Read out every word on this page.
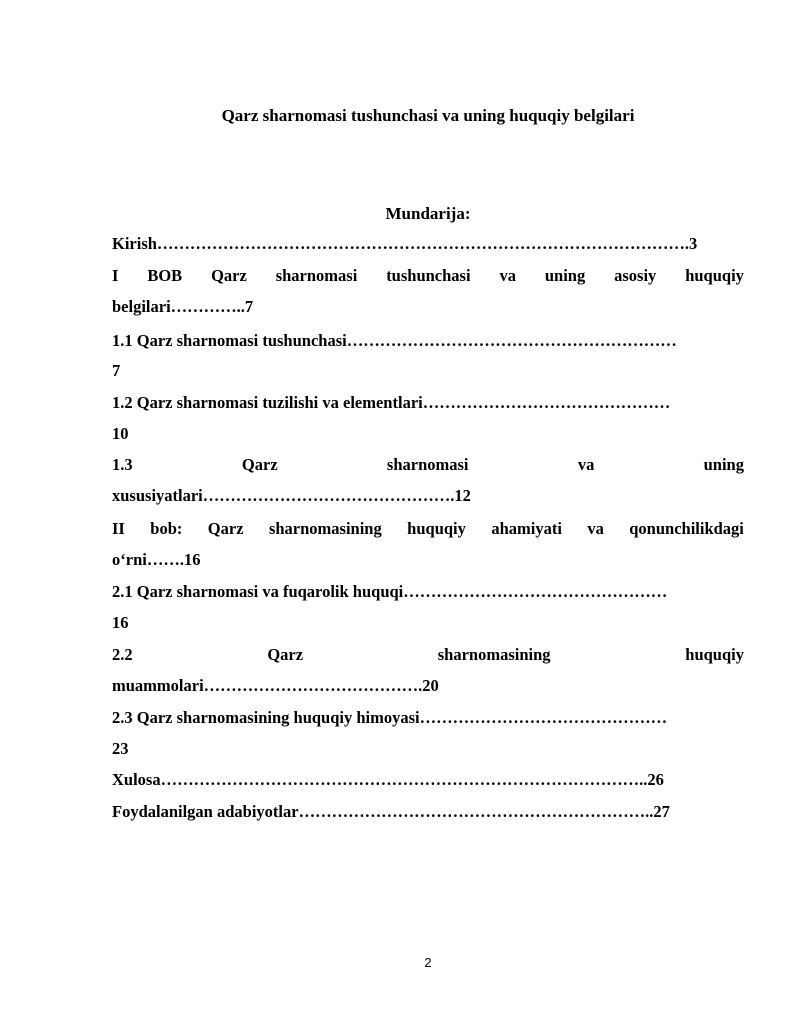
Qarz sharnomasi tushunchasi va uning huquqiy belgilari
Mundarija:
Kirish…………………………………………………………………………………….3
I BOB Qarz sharnomasi tushunchasi va uning asosiy huquqiy
belgilari…………..7
1.1 Qarz sharnomasi tushunchasi……………………………………………………
7
1.2 Qarz sharnomasi tuzilishi va elementlari………………………………………
10
1.3	Qarz	sharnomasi	va	uning
xususiyatlari……………………………………….12
II bob: Qarz sharnomasining huquqiy ahamiyati va qonunchilikdagi
o‘rni…….16
2.1 Qarz sharnomasi va fuqarolik huquqi…………………………………………
16
2.2	Qarz	sharnomasining	huquqiy
muammolari………………………………….20
2.3 Qarz sharnomasining huquqiy himoyasi………………………………………
23
Xulosa……………………………………………………………………………..26
Foydalanilgan adabiyotlar………………………………………………………..27
2
